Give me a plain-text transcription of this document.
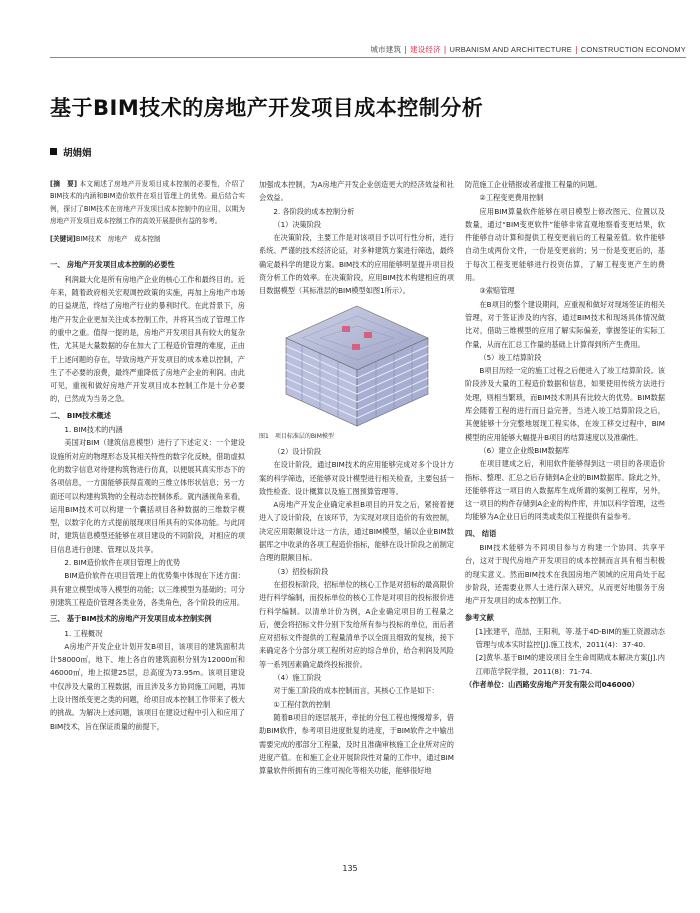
城市建筑 | 建设经济 | URBANISM AND ARCHITECTURE | CONSTRUCTION ECONOMY
基于BIM技术的房地产开发项目成本控制分析
胡娟娟

[摘　要] 本文阐述了房地产开发项目成本控制的必要性，介绍了BIM技术的内涵和BIM造价软件在项目管理上的优势。最后结合实例，探讨了BIM技术在房地产开发项目成本控制中的应用，以期为房地产开发项目成本控制工作的高效开展提供有益的参考。

[关键词]BIM技术　房地产　成本控制

一、 房地产开发项目成本控制的必要性

利润最大化是所有房地产企业的核心工作和最终目的。近年来，随着政府相关宏观调控政策的实施，再加上房地产市场的日益规范，终结了房地产行业的暴利时代。在此背景下，房地产开发企业更加关注成本控制工作，并将其当成了管理工作的重中之重。值得一提的是，房地产开发项目具有较大的复杂性，尤其是大量数据的存在加大了工程造价管理的难度，正由于上述问题的存在，导致房地产开发项目的成本难以控制，产生了不必要的浪费，最终严重降低了房地产企业的利润。由此可见，重视和做好房地产开发项目成本控制工作是十分必要的，已然成为当务之急。

二、 BIM技术概述

1. BIM技术的内涵

美国对BIM（建筑信息模型）进行了下述定义：一个建设设施所对应的物理形态及其相关特性的数字化反映，借助虚拟化的数字信息对待建构筑物进行仿真，以便展其真实形态下的各项信息，一方面能够获得直观的三维立体形状信息；另一方面还可以构建构筑物的全程动态控制体系。就内涵视角来看，运用BIM技术可以构建一个囊括项目各种数据的三维数字模型，以数字化的方式提前展现项目所具有的实体功能。与此同时，建筑信息模型还能够在项目建设的不同阶段，对相应的项目信息进行创建、管理以及共享。

2. BIM造价软件在项目管理上的优势

BIM造价软件在项目管理上的优势集中体现在下述方面：具有建立模型成等入模型的功能；以三维模型为基础的；可分别建筑工程造价管理各类业务，各类角色，各个阶段的应用。

三、 基于BIM技术的房地产开发项目成本控制实例

1. 工程概况

A房地产开发企业计划开发B项目，该项目的建筑面积共计58000㎡，地下、地上各自的建筑面积分别为12000㎡和46000㎡，地上拟建25层，总高度为73.95m。该项目建设中仅涉及大量的工程数据，而且涉及多方协同施工问题，再加上设计图纸变更之类的问题，给项目成本控制工作带来了极大的挑战。为解决上述问题，该项目在建设过程中引入和应用了BIM技术，旨在保证质量的前提下，

加强成本控制，为A房地产开发企业创造更大的经济效益和社会效益。

2. 各阶段的成本控制分析

（1）决策阶段

在决策阶段，主要工作是对该项目予以可行性分析，进行系统、严谨的技术经济论证，对多种建筑方案进行筛选，最终确定最科学的建设方案。BIM技术的应用能够明显提升项目投资分析工作的效率。在决策阶段，应用BIM技术构建相应的项目数据模型（其标准层的BIM模型如图1所示）。

图1　项目标准层的BIM模型

（2）设计阶段

在设计阶段，通过BIM技术的应用能够完成对多个设计方案的科学筛选，还能够对设计模型进行相关检查，主要包括一致性检查、设计概算以及施工图预算管理等。

A房地产开发企业确定承担B项目的开发之后，紧接着便进入了设计阶段，在该环节，为实现对项目造价的有效控制，决定应用限额设计这一方法，通过BIM模型，辅以企业BIM数据库之中收录的各项工程造价指标，能够在设计阶段之前制定合理的限额目标。

（3）招投标阶段

在招投标阶段，招标单位的核心工作是对招标的最高限价进行科学编制，而投标单位的核心工作是对项目的投标报价进行科学编制。以清单计价为例，A企业确定项目的工程量之后，便会将招标文件分别下发给所有参与投标的单位，而后者应对招标文件提供的工程量清单予以全面且细致的复核，接下来确定各个分部分项工程所对应的综合单价，给合利润及风险等一系列因素确定最终投标报价。

（4）施工阶段

对于施工阶段的成本控制而言，其核心工作是如下：

①工程付款的控制

随着B项目的逐层展开，牵扯的分包工程也慢慢增多，借助BIM软件，参考项目进度批复的进度，于BIM软件之中输出需要完成的那部分工程量，及时且准确审核施工企业所对应的进度产值。在和施工企业开展阶段性对量的工作中，通过BIM算量软件所拥有的三维可视化等相关功能，能够很好地

防范施工企业错报或者虚报工程量的问题。

②工程变更费用控制

应用BIM算量软件能够在项目模型上修改图元、位置以及数量，通过“BIM变更软件”能够非常直观地察看变更结果，软件能够自动计算和提供工程变更前后的工程量差值。软件能够自动生成两份文件，一份是变更前的；另一份是变更后的，基于每次工程变更能够进行投资估算，了解工程变更产生的费用。

③索赔管理

在B项目的整个建设期间，应重视和做好对现场签证的相关管理，对于签证涉及的内容，通过BIM技术和现场具体情况做比对，借助三维模型的应用了解实际偏差，掌握签证的实际工作量，从而在汇总工作量的基础上计算得到所产生费用。

（5）竣工结算阶段

B项目历经一定的施工过程之后便进入了竣工结算阶段。该阶段涉及大量的工程造价数据和信息，如果使用传统方法进行处理，则相当繁琐，而BIM技术则具有比较大的优势。BIM数据库会随着工程的进行而日益完善，当进入竣工结算阶段之后，其便能够十分完整地展现工程实体，在竣工移交过程中，BIM模型的应用能够大幅提升B项目的结算速度以及准确性。

（6）建立企业级BIM数据库

在项目建成之后，利用软件能够得到这一项目的各项造价指标、整理、汇总之后存储到A企业的BIM数据库。除此之外，还能够将这一项目的入数据库生成所谓的案例工程库，另外，这一项目的构件存储到A企业的构件库，并加以科学管理，这些均能够为A企业日后的同类或类似工程提供有益参考。

四、 结语

BIM技术能够为不同项目参与方构建一个协同、共享平台，这对于现代房地产开发项目的成本控制而言具有相当积极的现实意义。然而BIM技术在我国房地产领域的应用尚处于起步阶段，还需要业界人士进行深入研究，从而更好地服务于房地产开发项目的成本控制工作。

参考文献

[1]张建平，范喆，王阳利，等.基于4D-BIM的施工资源动态管理与成本实时监控[J].施工技术，2011(4)：37-40.

[2]黄华.基于BIM的建设项目全生命周期成本解决方案[J].内江师范学院学报，2011(8)：71-74.

（作者单位：山西路安房地产开发有限公司046000）

135
